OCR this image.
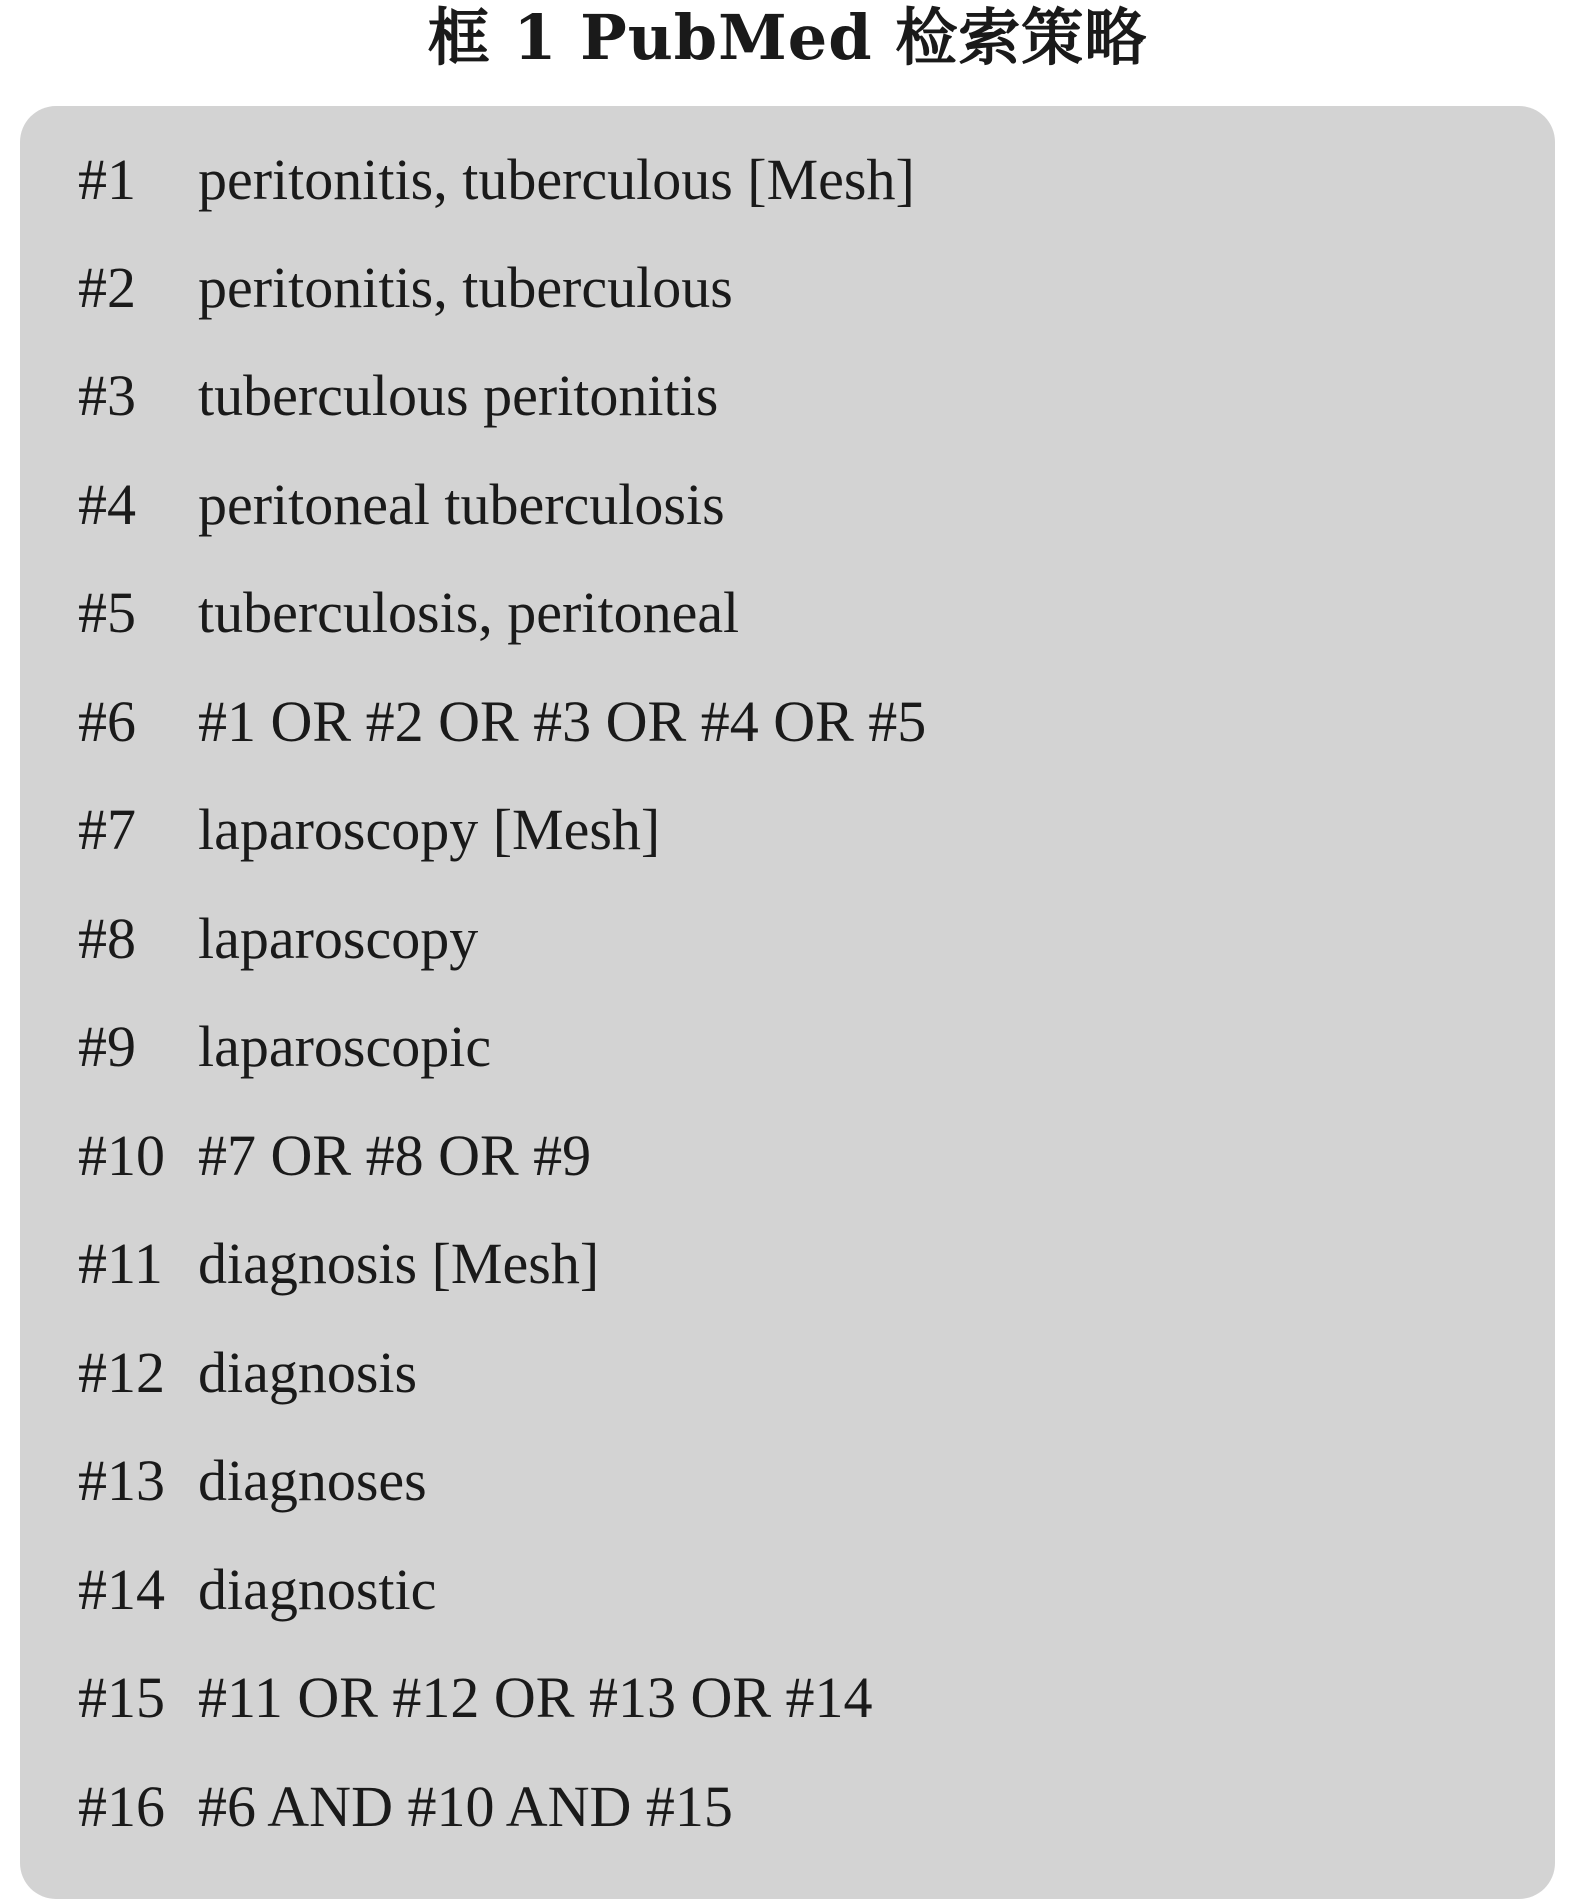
框 1 PubMed 检索策略
#1 peritonitis, tuberculous [Mesh]
#2 peritonitis, tuberculous
#3 tuberculous peritonitis
#4 peritoneal tuberculosis
#5 tuberculosis, peritoneal
#6 #1 OR #2 OR #3 OR #4 OR #5
#7 laparoscopy [Mesh]
#8 laparoscopy
#9 laparoscopic
#10 #7 OR #8 OR #9
#11 diagnosis [Mesh]
#12 diagnosis
#13 diagnoses
#14 diagnostic
#15 #11 OR #12 OR #13 OR #14
#16 #6 AND #10 AND #15
